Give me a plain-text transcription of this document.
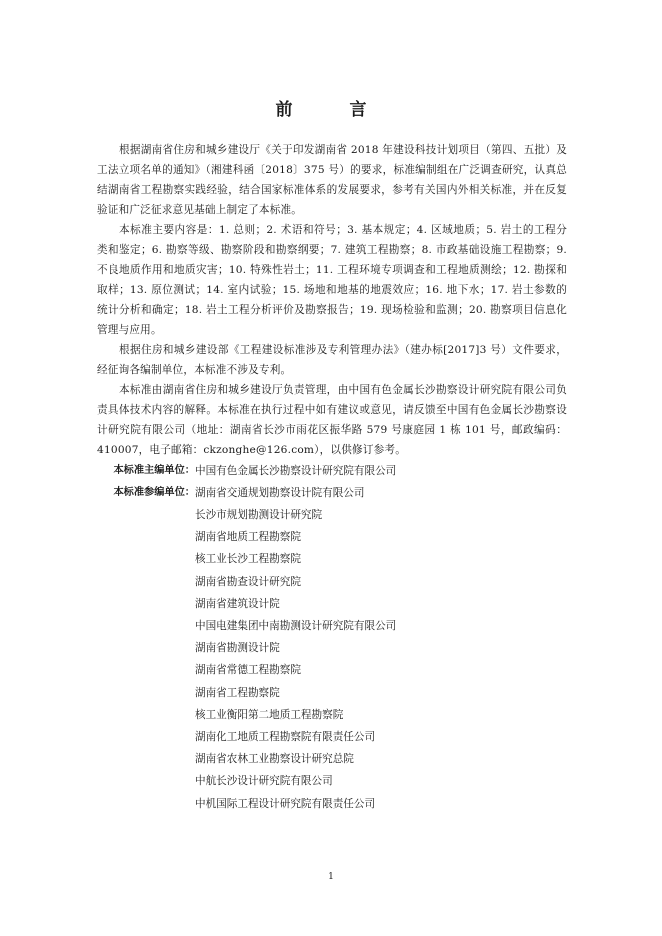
前　言

根据湖南省住房和城乡建设厅《关于印发湖南省 2018 年建设科技计划项目（第四、五批）及工法立项名单的通知》（湘建科函〔2018〕375 号）的要求，标准编制组在广泛调查研究，认真总结湖南省工程勘察实践经验，结合国家标准体系的发展要求，参考有关国内外相关标准，并在反复验证和广泛征求意见基础上制定了本标准。

本标准主要内容是：1. 总则；2. 术语和符号；3. 基本规定；4. 区域地质；5. 岩土的工程分类和鉴定；6. 勘察等级、勘察阶段和勘察纲要；7. 建筑工程勘察；8. 市政基础设施工程勘察；9. 不良地质作用和地质灾害；10. 特殊性岩土；11. 工程环境专项调查和工程地质测绘；12. 勘探和取样；13. 原位测试；14. 室内试验；15. 场地和地基的地震效应；16. 地下水；17. 岩土参数的统计分析和确定；18. 岩土工程分析评价及勘察报告；19. 现场检验和监测；20. 勘察项目信息化管理与应用。

根据住房和城乡建设部《工程建设标准涉及专利管理办法》（建办标[2017]3 号）文件要求，经征询各编制单位，本标准不涉及专利。

本标准由湖南省住房和城乡建设厅负责管理，由中国有色金属长沙勘察设计研究院有限公司负责具体技术内容的解释。本标准在执行过程中如有建议或意见，请反馈至中国有色金属长沙勘察设计研究院有限公司（地址：湖南省长沙市雨花区振华路 579 号康庭园 1 栋 101 号，邮政编码：410007，电子邮箱：ckzonghe@126.com），以供修订参考。

本标准主编单位： 中国有色金属长沙勘察设计研究院有限公司
本标准参编单位： 湖南省交通规划勘察设计院有限公司
长沙市规划勘测设计研究院
湖南省地质工程勘察院
核工业长沙工程勘察院
湖南省勘查设计研究院
湖南省建筑设计院
中国电建集团中南勘测设计研究院有限公司
湖南省勘测设计院
湖南省常德工程勘察院
湖南省工程勘察院
核工业衡阳第二地质工程勘察院
湖南化工地质工程勘察院有限责任公司
湖南省农林工业勘察设计研究总院
中航长沙设计研究院有限公司
中机国际工程设计研究院有限责任公司
1
